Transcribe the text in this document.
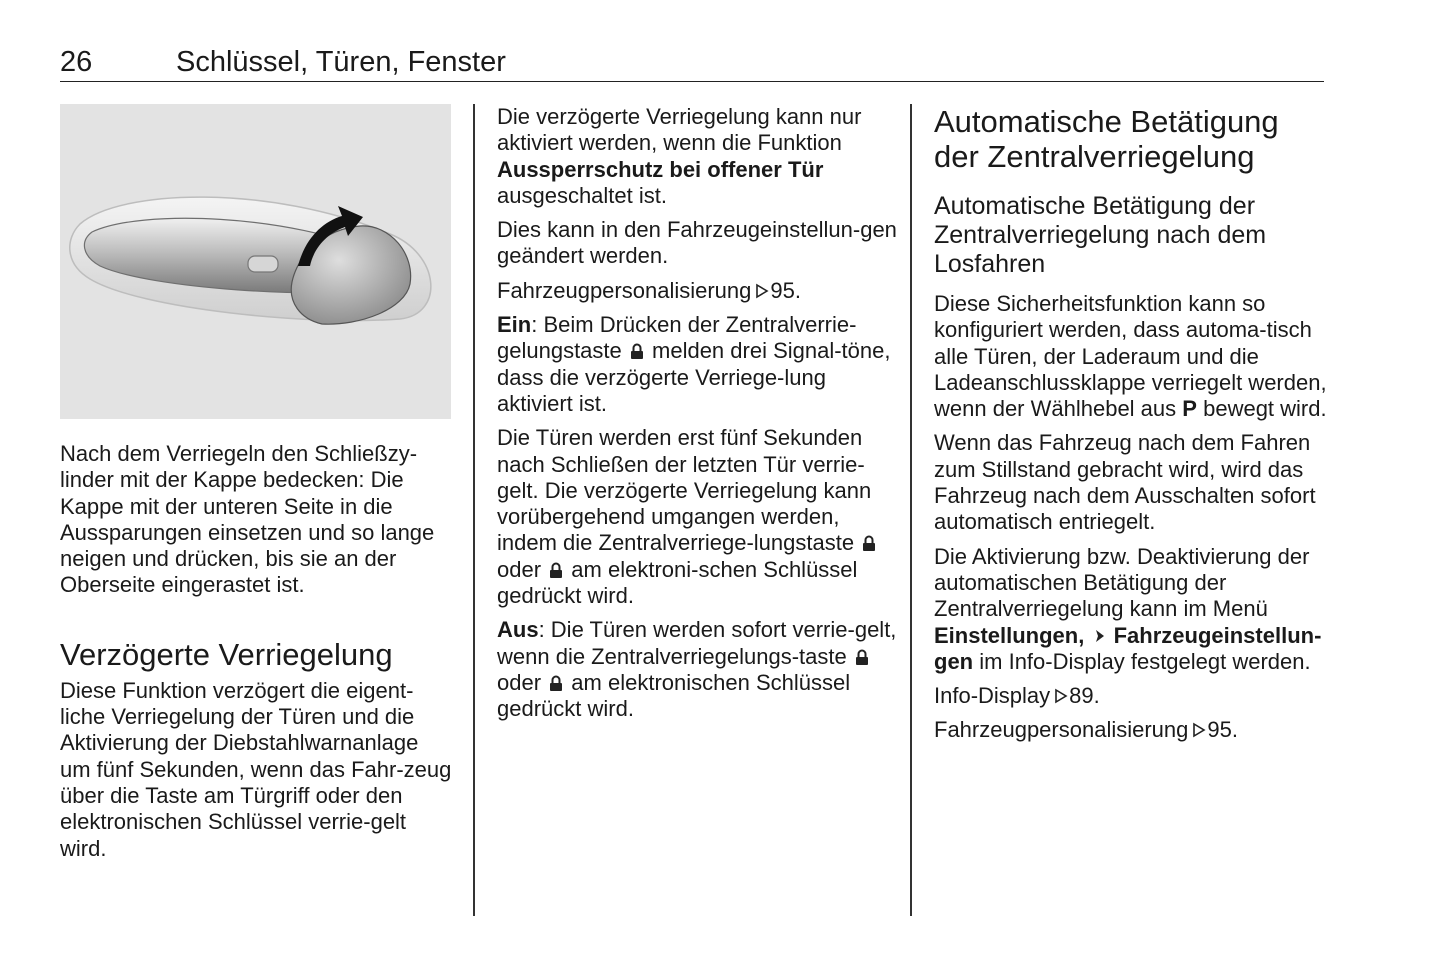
26	Schlüssel, Türen, Fenster

Nach dem Verriegeln den Schließzy-linder mit der Kappe bedecken: Die Kappe mit der unteren Seite in die Aussparungen einsetzen und so lange neigen und drücken, bis sie an der Oberseite eingerastet ist.

Verzögerte Verriegelung

Diese Funktion verzögert die eigent-liche Verriegelung der Türen und die Aktivierung der Diebstahlwarnanlage um fünf Sekunden, wenn das Fahr-zeug über die Taste am Türgriff oder den elektronischen Schlüssel verrie-gelt wird.

Die verzögerte Verriegelung kann nur aktiviert werden, wenn die Funktion Aussperrschutz bei offener Tür ausgeschaltet ist.

Dies kann in den Fahrzeugeinstellun-gen geändert werden.

Fahrzeugpersonalisierung 95.

Ein: Beim Drücken der Zentralverrie-gelungstaste melden drei Signal-töne, dass die verzögerte Verriege-lung aktiviert ist.

Die Türen werden erst fünf Sekunden nach Schließen der letzten Tür verrie-gelt. Die verzögerte Verriegelung kann vorübergehend umgangen werden, indem die Zentralverriege-lungstaste  oder am elektroni-schen Schlüssel gedrückt wird.

Aus: Die Türen werden sofort verrie-gelt, wenn die Zentralverriegelungs-taste  oder am elektronischen Schlüssel gedrückt wird.

Automatische Betätigung der Zentralverriegelung
Automatische Betätigung der Zentralverriegelung nach dem Losfahren

Diese Sicherheitsfunktion kann so konfiguriert werden, dass automa-tisch alle Türen, der Laderaum und die Ladeanschlussklappe verriegelt werden, wenn der Wählhebel aus P bewegt wird.

Wenn das Fahrzeug nach dem Fahren zum Stillstand gebracht wird, wird das Fahrzeug nach dem Ausschalten sofort automatisch entriegelt.

Die Aktivierung bzw. Deaktivierung der automatischen Betätigung der Zentralverriegelung kann im Menü Einstellungen, Fahrzeugeinstellun-gen im Info-Display festgelegt werden.

Info-Display 89.

Fahrzeugpersonalisierung 95.
